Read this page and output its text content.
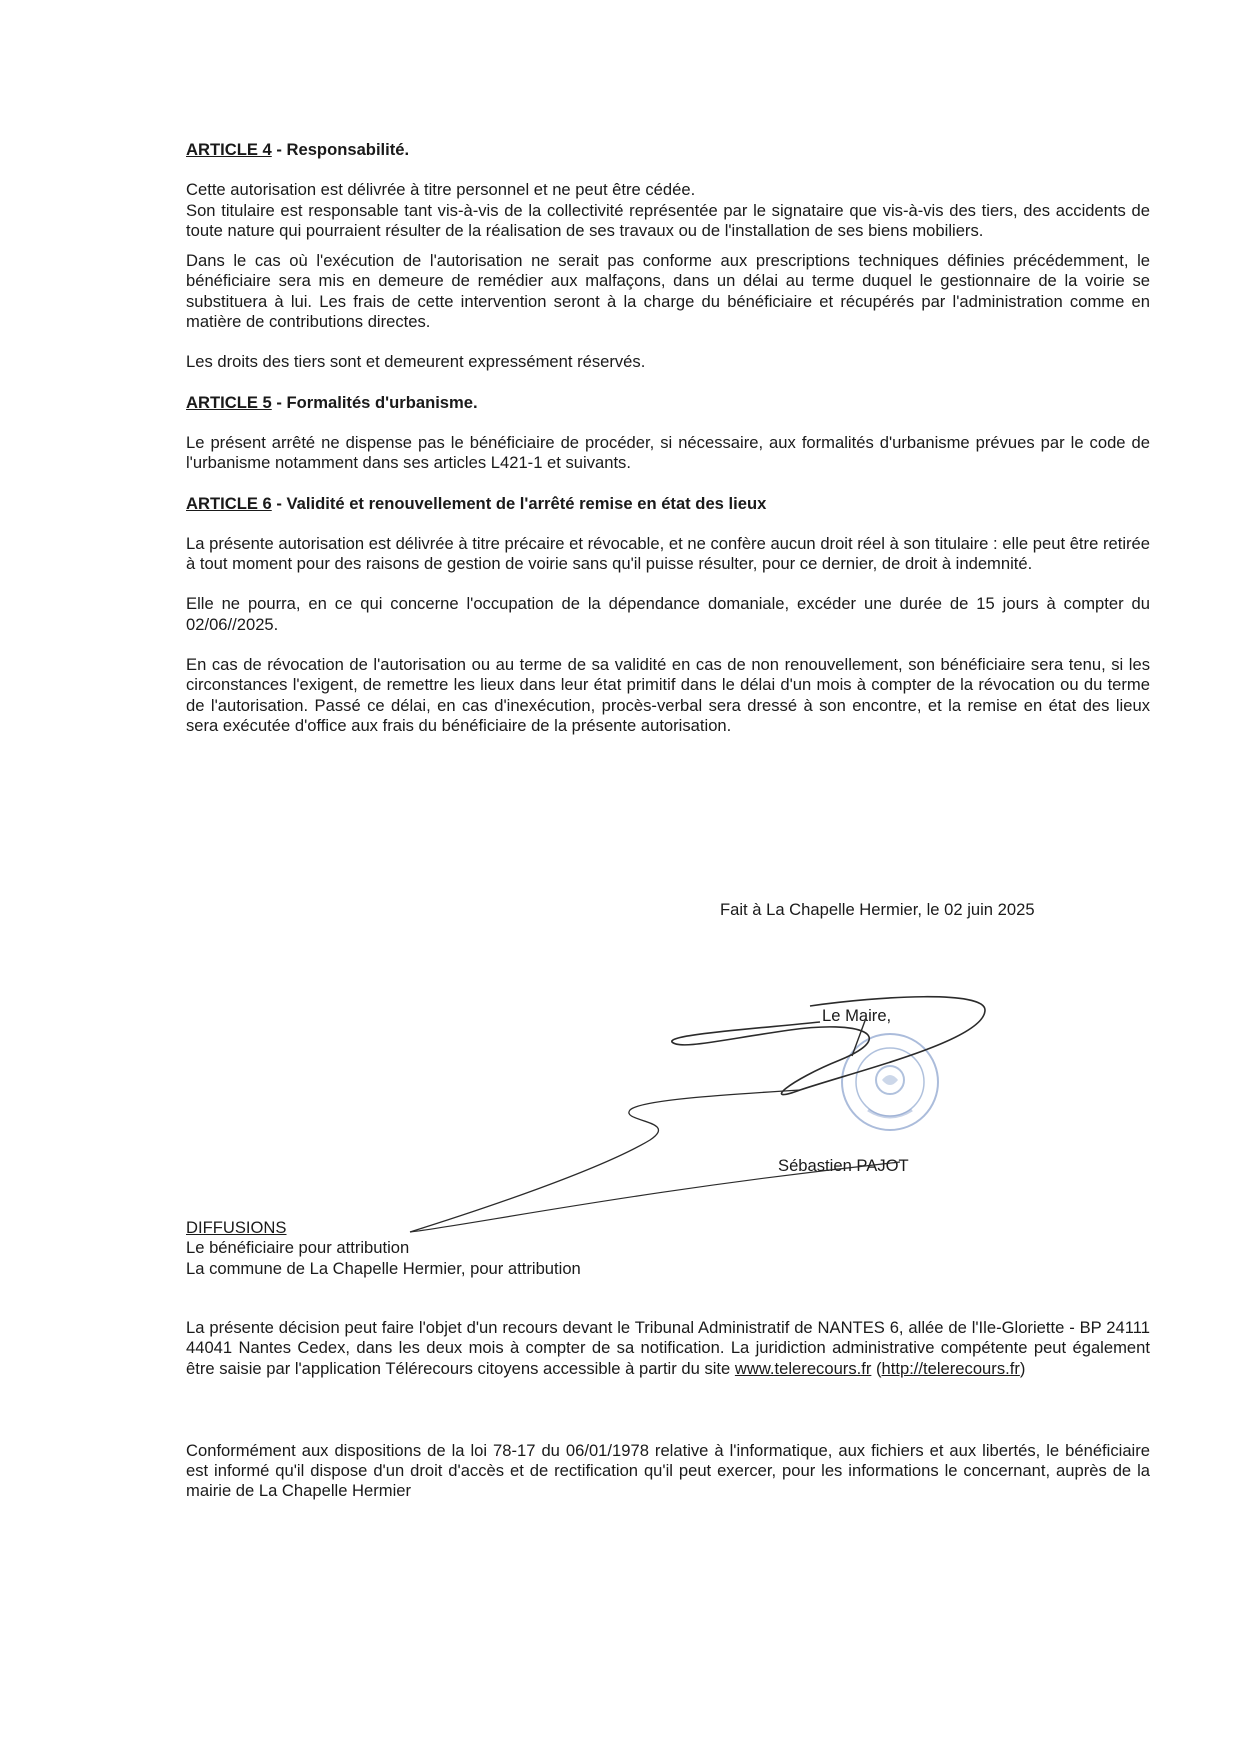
ARTICLE 4 - Responsabilité.

Cette autorisation est délivrée à titre personnel et ne peut être cédée.

Son titulaire est responsable tant vis-à-vis de la collectivité représentée par le signataire que vis-à-vis des tiers, des accidents de toute nature qui pourraient résulter de la réalisation de ses travaux ou de l'installation de ses biens mobiliers.

Dans le cas où l'exécution de l'autorisation ne serait pas conforme aux prescriptions techniques définies précédemment, le bénéficiaire sera mis en demeure de remédier aux malfaçons, dans un délai au terme duquel le gestionnaire de la voirie se substituera à lui. Les frais de cette intervention seront à la charge du bénéficiaire et récupérés par l'administration comme en matière de contributions directes.

Les droits des tiers sont et demeurent expressément réservés.

ARTICLE 5 - Formalités d'urbanisme.

Le présent arrêté ne dispense pas le bénéficiaire de procéder, si nécessaire, aux formalités d'urbanisme prévues par le code de l'urbanisme notamment dans ses articles L421-1 et suivants.

ARTICLE 6 - Validité et renouvellement de l'arrêté remise en état des lieux

La présente autorisation est délivrée à titre précaire et révocable, et ne confère aucun droit réel à son titulaire : elle peut être retirée à tout moment pour des raisons de gestion de voirie sans qu'il puisse résulter, pour ce dernier, de droit à indemnité.

Elle ne pourra, en ce qui concerne l'occupation de la dépendance domaniale, excéder une durée de 15 jours à compter du 02/06//2025.

En cas de révocation de l'autorisation ou au terme de sa validité en cas de non renouvellement, son bénéficiaire sera tenu, si les circonstances l'exigent, de remettre les lieux dans leur état primitif dans le délai d'un mois à compter de la révocation ou du terme de l'autorisation. Passé ce délai, en cas d'inexécution, procès-verbal sera dressé à son encontre, et la remise en état des lieux sera exécutée d'office aux frais du bénéficiaire de la présente autorisation.

Fait à La Chapelle Hermier, le 02 juin 2025
Le Maire,
Sébastien PAJOT
DIFFUSIONS
Le bénéficiaire pour attribution
La commune de La Chapelle Hermier, pour attribution

La présente décision peut faire l'objet d'un recours devant le Tribunal Administratif de NANTES 6, allée de l'Ile-Gloriette - BP 24111 44041 Nantes Cedex, dans les deux mois à compter de sa notification. La juridiction administrative compétente peut également être saisie par l'application Télérecours citoyens accessible à partir du site www.telerecours.fr (http://telerecours.fr)

Conformément aux dispositions de la loi 78-17 du 06/01/1978 relative à l'informatique, aux fichiers et aux libertés, le bénéficiaire est informé qu'il dispose d'un droit d'accès et de rectification qu'il peut exercer, pour les informations le concernant, auprès de la mairie de La Chapelle Hermier
